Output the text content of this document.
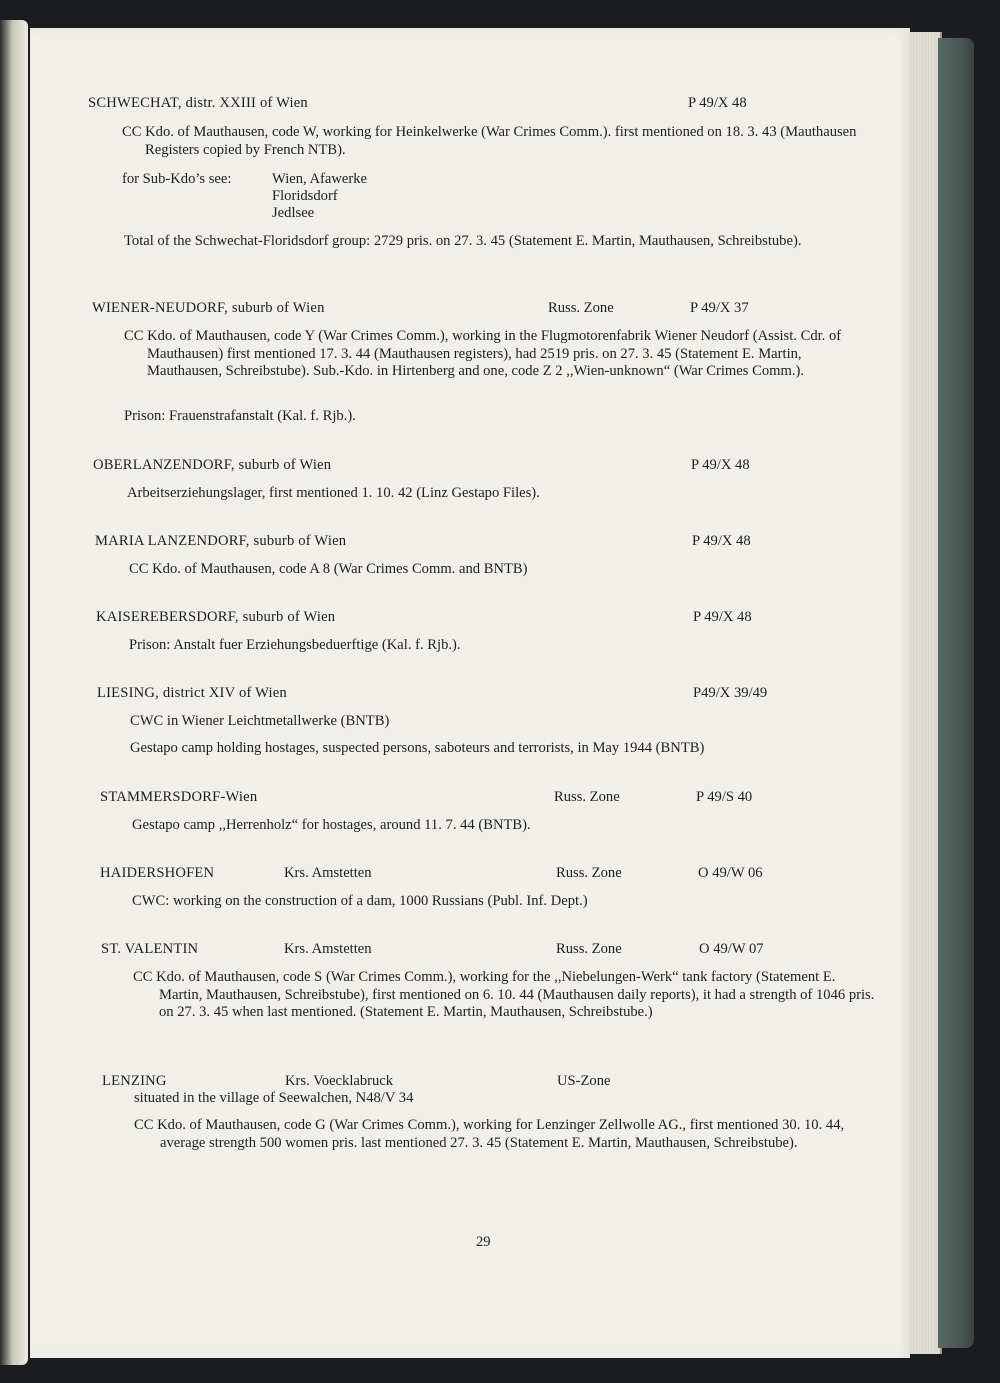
SCHWECHAT, distr. XXIII of Wien	P 49/X 48
CC Kdo. of Mauthausen, code W, working for Heinkelwerke (War Crimes Comm.). first mentioned on 18. 3. 43 (Mauthausen Registers copied by French NTB).
for Sub-Kdo’s see:	Wien, Afawerke
Floridsdorf
Jedlsee
Total of the Schwechat-Floridsdorf group: 2729 pris. on 27. 3. 45 (Statement E. Martin, Mauthausen, Schreibstube).
WIENER-NEUDORF, suburb of Wien	Russ. Zone	P 49/X 37
CC Kdo. of Mauthausen, code Y (War Crimes Comm.), working in the Flugmotorenfabrik Wiener Neudorf (Assist. Cdr. of Mauthausen) first mentioned 17. 3. 44 (Mauthausen registers), had 2519 pris. on 27. 3. 45 (Statement E. Martin, Mauthausen, Schreibstube). Sub.-Kdo. in Hirtenberg and one, code Z 2 ,,Wien-unknown“ (War Crimes Comm.).
Prison: Frauenstrafanstalt (Kal. f. Rjb.).
OBERLANZENDORF, suburb of Wien	P 49/X 48
Arbeitserziehungslager, first mentioned 1. 10. 42 (Linz Gestapo Files).
MARIA LANZENDORF, suburb of Wien	P 49/X 48
CC Kdo. of Mauthausen, code A 8 (War Crimes Comm. and BNTB)
KAISEREBERSDORF, suburb of Wien	P 49/X 48
Prison: Anstalt fuer Erziehungsbeduerftige (Kal. f. Rjb.).
LIESING, district XIV of Wien	P49/X 39/49
CWC in Wiener Leichtmetallwerke (BNTB)
Gestapo camp holding hostages, suspected persons, saboteurs and terrorists, in May 1944 (BNTB)
STAMMERSDORF-Wien	Russ. Zone	P 49/S 40
Gestapo camp ,,Herrenholz“ for hostages, around 11. 7. 44 (BNTB).
HAIDERSHOFEN	Krs. Amstetten	Russ. Zone	O 49/W 06
CWC: working on the construction of a dam, 1000 Russians (Publ. Inf. Dept.)
ST. VALENTIN	Krs. Amstetten	Russ. Zone	O 49/W 07
CC Kdo. of Mauthausen, code S (War Crimes Comm.), working for the ,,Niebelungen-Werk“ tank factory (Statement E. Martin, Mauthausen, Schreibstube), first mentioned on 6. 10. 44 (Mauthausen daily reports), it had a strength of 1046 pris. on 27. 3. 45 when last mentioned. (Statement E. Martin, Mauthausen, Schreibstube.)
LENZING	Krs. Voecklabruck	US-Zone
situated in the village of Seewalchen, N48/V 34
CC Kdo. of Mauthausen, code G (War Crimes Comm.), working for Lenzinger Zellwolle AG., first mentioned 30. 10. 44, average strength 500 women pris. last mentioned 27. 3. 45 (Statement E. Martin, Mauthausen, Schreibstube).
29
